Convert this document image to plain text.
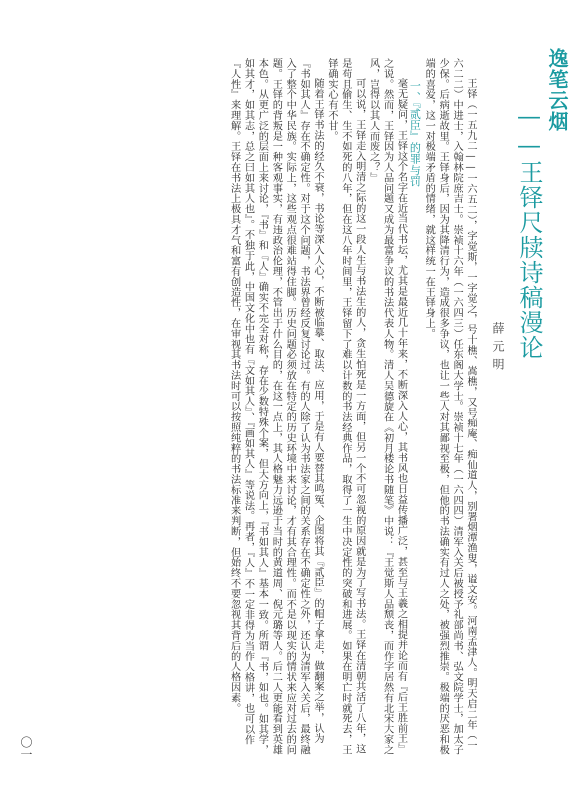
逸笔云烟
——王铎尺牍诗稿漫论
薛元明

王铎（一五九二——一六五二），字觉斯，一字觉之，号十樵、嵩樵，又号痴庵、痴仙道人，别署烟潭渔叟，谥文安。河南孟津人。明天启二年（一六二二）中进士，入翰林院庶吉士。崇祯十六年（一六四三）任东阁大学士。崇祯十七年（一六四四）清军入关后被授予礼部尚书、弘文院学士，加太子少保。后病逝故里。王铎身后，因为其降清行为，造成很多争议，也让一些人对其鄙视至极，但他的书法确实有过人之处，被强烈推崇。极端的厌恶和极端的喜爱，这一对极端矛盾的情绪，就这样统一在王铎身上。

一、『贰臣』的罪与罚

毫无疑问，王铎这个名字在近当代书坛，尤其是最近几十年来，不断深入人心，其书风也日益传播广泛，甚至与王羲之相提并论而有『后王胜前王』之说。然而，王铎因为人品问题又成为最富争议的书法代表人物。清人吴德旋在《初月楼论书随笔》中说：『王觉斯人品颓丧，而作字居然有北宋大家之风，岂得以其人而废之？』

可以说，王铎走入明清之际的这一段人生与书法生的人，贪生怕死是一方面，但另一个不可忽视的原因就是为了写书法。王铎在清朝共活了八年，这是苟且偷生、生不如死的八年，但在这八年时间里，王铎留下了难以计数的书法经典作品，取得了一生中决定性的突破和进展。如果在明亡时就死去，王铎确实心有不甘。

随着王铎书法的经久不衰，书论等深入人心，不断被临摹、取法、应用，于是有人要替其鸣冤、企图将其『贰臣』的帽子拿走，做翻案之举，认为『书如其人』存在不确定性。对于这个问题，书法界曾经反复讨论过。有的人除了认为书法家之间的关系存在不确定性之外，还认为清军入关后，最终融入了整个中华民族。实际上，这些观点很难站得住脚。历史问题必须放在特定的历史环境中来讨论，才有其合理性。而不是以现实的情状来应对过去的问题。王铎的背叛是一种客观事实，有违政治伦理，不管出于什么目的，在这一点上，其人格魅力远逊于当时的黄道周、倪元璐等人。后二人更能看到英雄本色。从更广泛的层面上来讨论，『书』和『人』确实不完全对称，存在少数特殊个案，但大方向上，『书如其人』基本一致。所谓『书，如也。如其学，如其才，如其志，总之曰如其人也』。不独于此，中国文化中也有『文如其人』、『画如其人』等说法。再者，『人』不一定非得为当作人格讲，也可以作『人性』来理解。王铎在书法上极具才气和富有创造性，在审视其书法时可以按照纯粹的书法标准来判断，但始终不要忽视其背后的人格因素。

〇一
